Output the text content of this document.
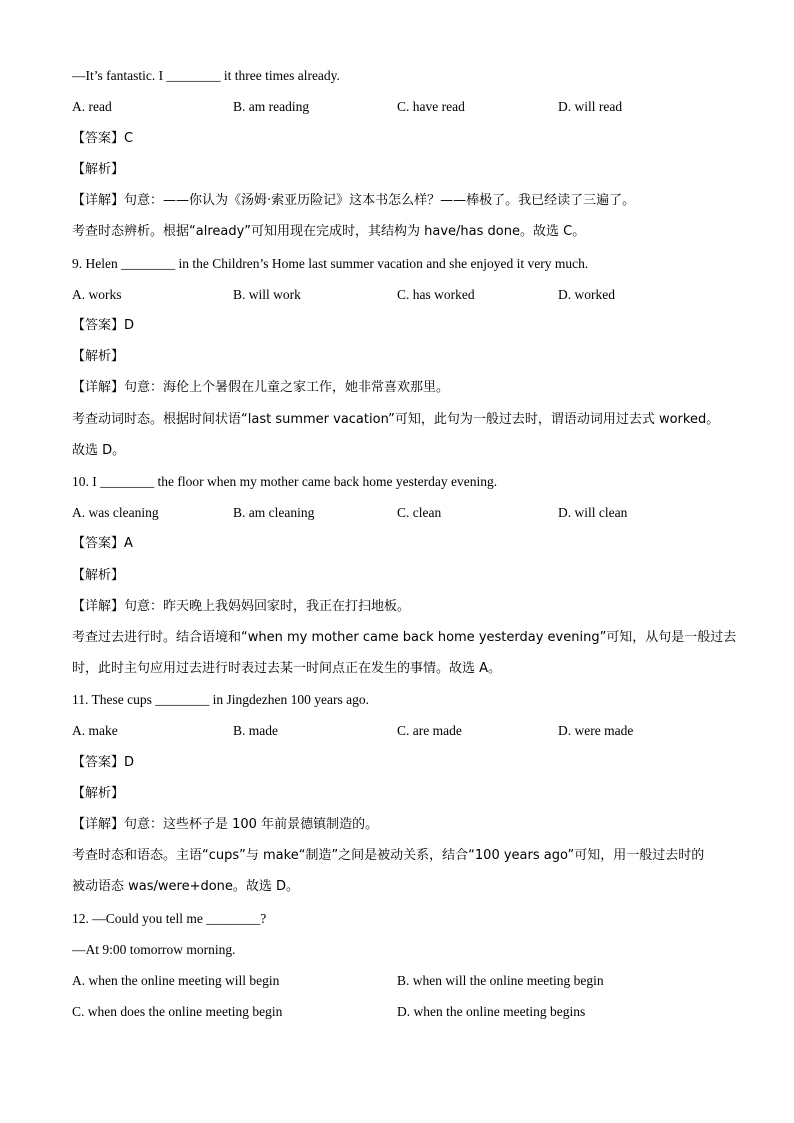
—It’s fantastic. I ________ it three times already.
A. read	B. am reading	C. have read	D. will read
【答案】C
【解析】
【详解】句意：——你认为《汤姆·索亚历险记》这本书怎么样？——棒极了。我已经读了三遍了。
考查时态辨析。根据“already”可知用现在完成时，其结构为 have/has done。故选 C。
9. Helen ________ in the Children’s Home last summer vacation and she enjoyed it very much.
A. works	B. will work	C. has worked	D. worked
【答案】D
【解析】
【详解】句意：海伦上个暑假在儿童之家工作，她非常喜欢那里。
考查动词时态。根据时间状语“last summer vacation”可知，此句为一般过去时，谓语动词用过去式 worked。
故选 D。
10. I ________ the floor when my mother came back home yesterday evening.
A. was cleaning	B. am cleaning	C. clean	D. will clean
【答案】A
【解析】
【详解】句意：昨天晚上我妈妈回家时，我正在打扫地板。
考查过去进行时。结合语境和“when my mother came back home yesterday evening”可知，从句是一般过去
时，此时主句应用过去进行时表过去某一时间点正在发生的事情。故选 A。
11. These cups ________ in Jingdezhen 100 years ago.
A. make	B. made	C. are made	D. were made
【答案】D
【解析】
【详解】句意：这些杯子是 100 年前景德镇制造的。
考查时态和语态。主语“cups”与 make“制造”之间是被动关系，结合“100 years ago”可知，用一般过去时的
被动语态 was/were+done。故选 D。
12. —Could you tell me ________?
—At 9:00 tomorrow morning.
A. when the online meeting will begin	B. when will the online meeting begin
C. when does the online meeting begin	D. when the online meeting begins
